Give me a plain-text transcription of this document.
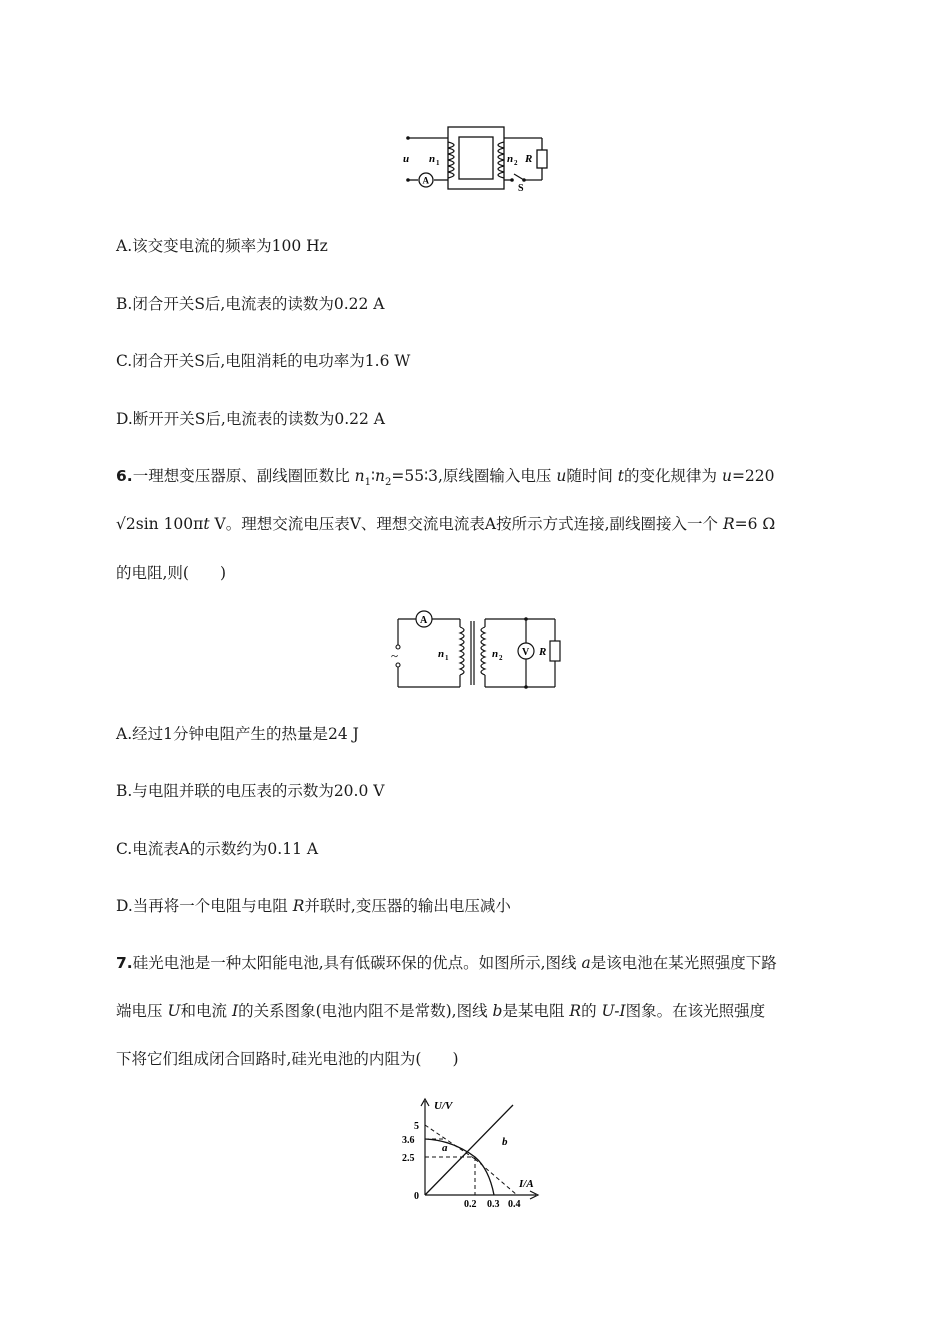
u n 1	n 2 R
S
A
A.该交变电流的频率为100 Hz
B.闭合开关S后,电流表的读数为0.22 A
C.闭合开关S后,电阻消耗的电功率为1.6 W
D.断开开关S后,电流表的读数为0.22 A
6.一理想变压器原、副线圈匝数比 $n_1∶n_2=55∶3$,原线圈输入电压 u随时间 t的变化规律为 u=220
√2sin 100πt V。理想交流电压表V、理想交流电流表A按所示方式连接,副线圈接入一个 R=6 Ω
的电阻,则(　　)
~
A
V
n 1	n 2	R
A.经过1分钟电阻产生的热量是24 J
B.与电阻并联的电压表的示数为20.0 V
C.电流表A的示数约为0.11 A
D.当再将一个电阻与电阻 R并联时,变压器的输出电压减小
7.硅光电池是一种太阳能电池,具有低碳环保的优点。如图所示,图线 a是该电池在某光照强度下路
端电压 U和电流 I的关系图象(电池内阻不是常数),图线 b是某电阻 R的 U-I图象。在该光照强度
下将它们组成闭合回路时,硅光电池的内阻为(　　)
U/V
I/A
0
5
3.6
2.5
0.2 0.3 0.4
a	b
